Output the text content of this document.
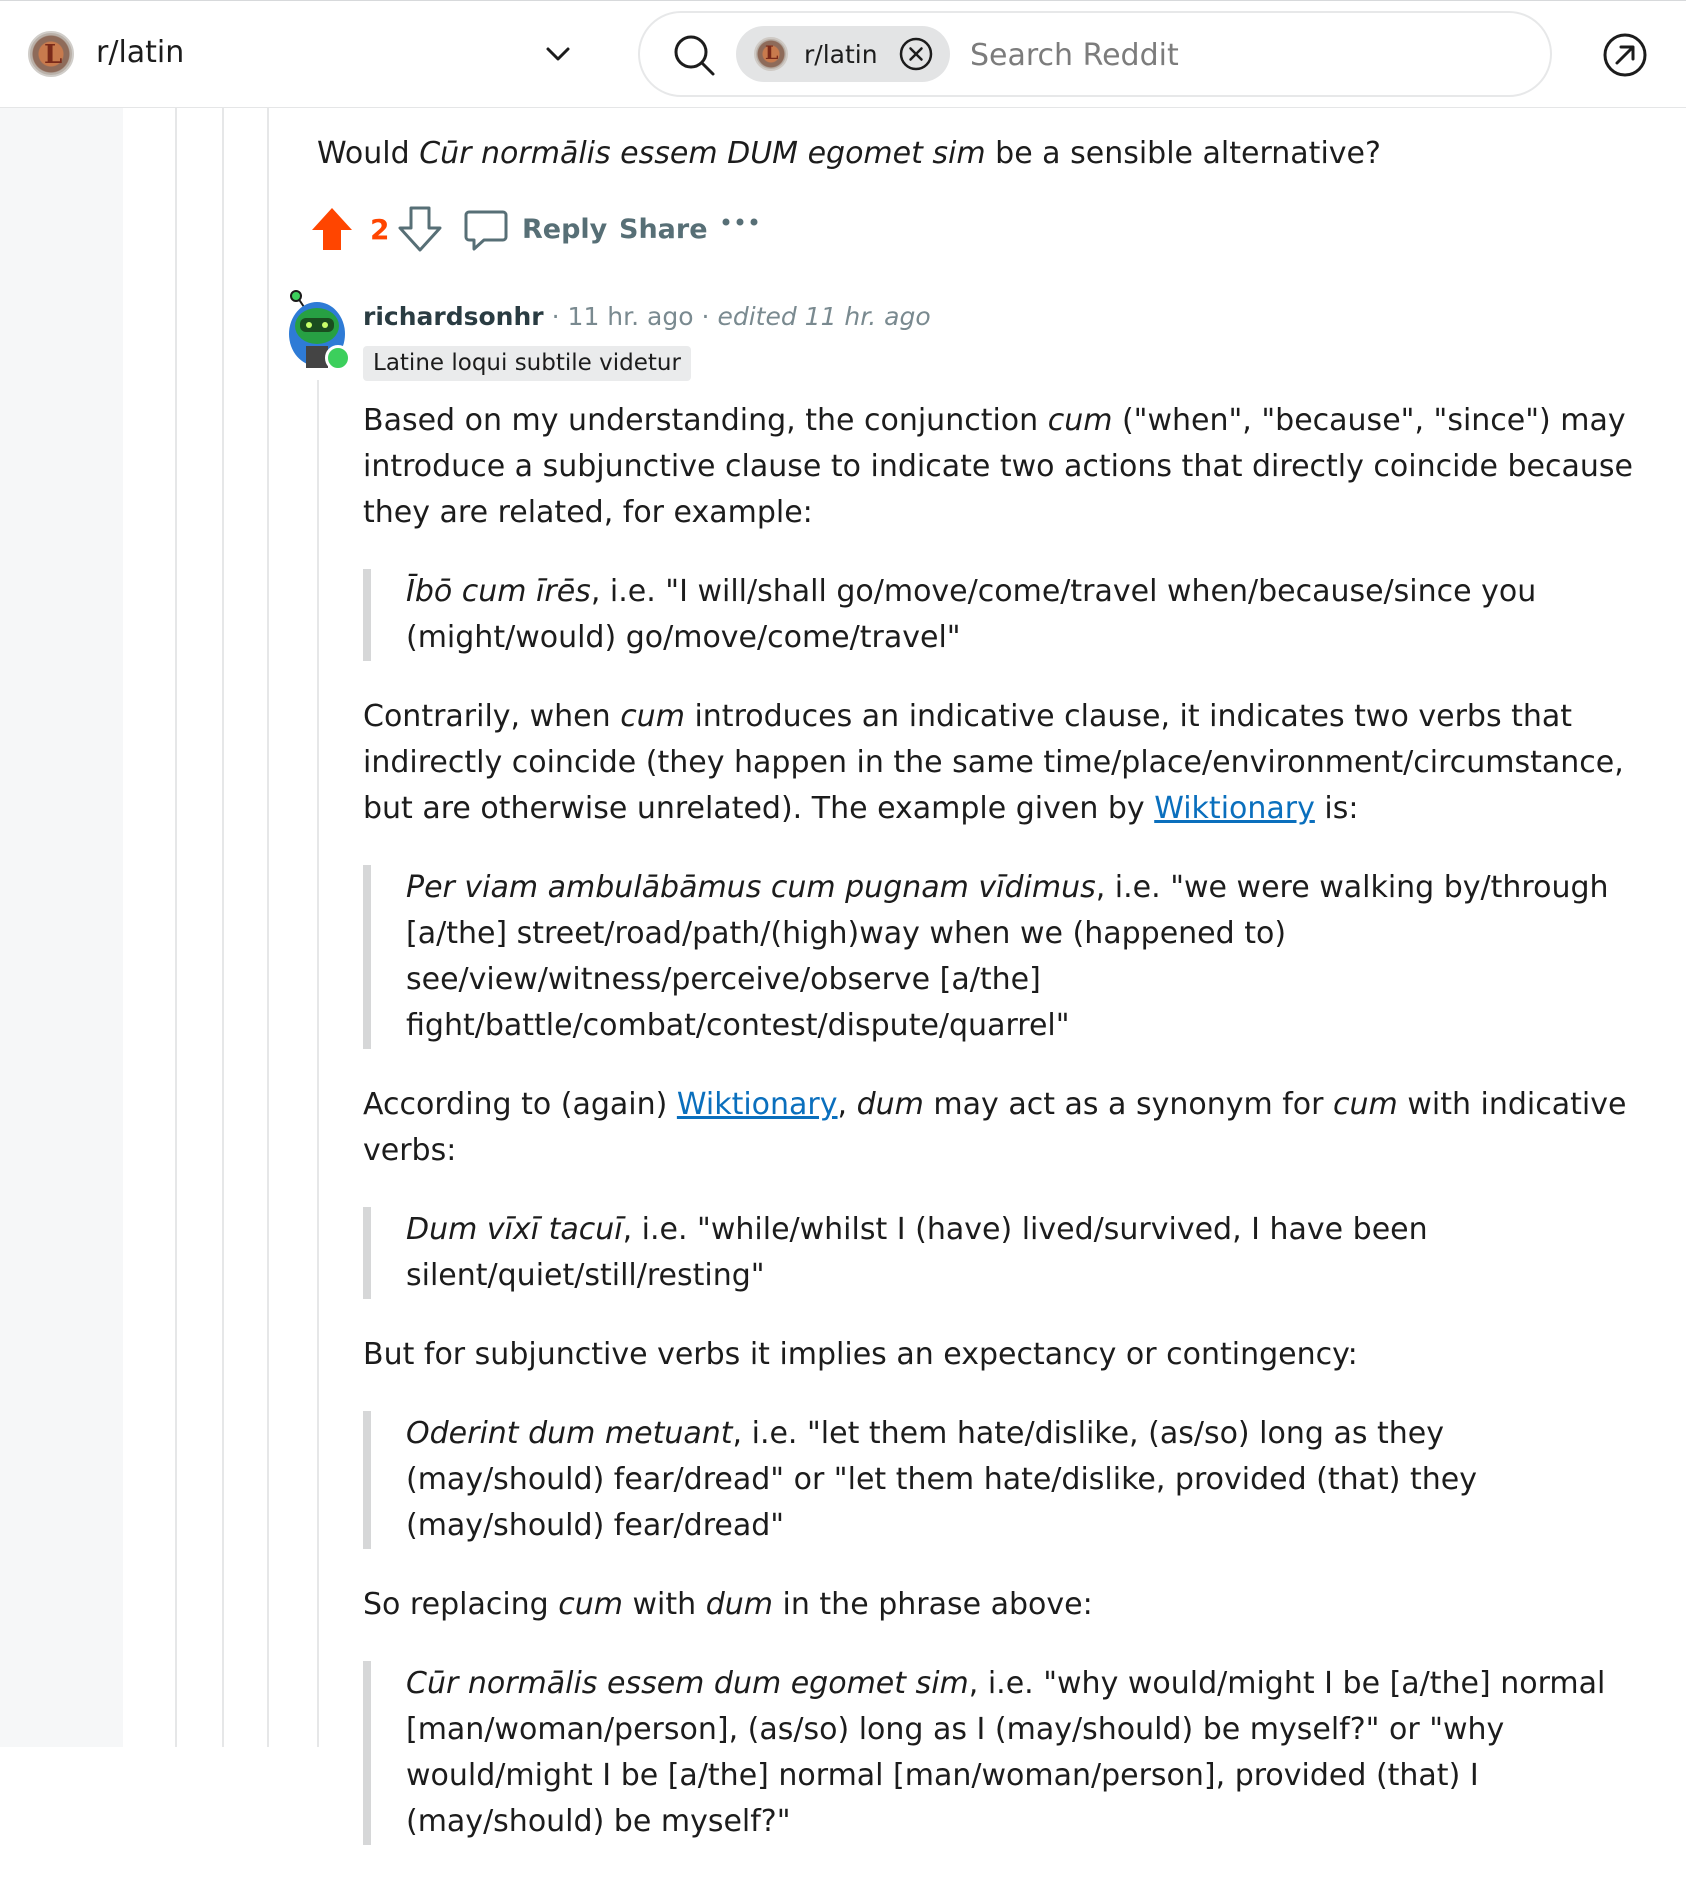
L r/latin	L r/latin
Search Reddit
Would Cūr normālis essem DUM egomet sim be a sensible alternative?
2	Reply Share
richardsonhr · 11 hr. ago · edited 11 hr. ago
Latine loqui subtile videtur

Based on my understanding, the conjunction cum ("when", "because", "since") may introduce a subjunctive clause to indicate two actions that directly coincide because they are related, for example:

Ībō cum īrēs, i.e. "I will/shall go/move/come/travel when/because/since you (might/would) go/move/come/travel"

Contrarily, when cum introduces an indicative clause, it indicates two verbs that indirectly coincide (they happen in the same time/place/environment/circumstance, but are otherwise unrelated). The example given by Wiktionary is:

Per viam ambulābāmus cum pugnam vīdimus, i.e. "we were walking by/through [a/the] street/road/path/(high)way when we (happened to) see/view/witness/perceive/observe [a/the] fight/battle/combat/contest/dispute/quarrel"

According to (again) Wiktionary, dum may act as a synonym for cum with indicative verbs:

Dum vīxī tacuī, i.e. "while/whilst I (have) lived/survived, I have been silent/quiet/still/resting"

But for subjunctive verbs it implies an expectancy or contingency:

Oderint dum metuant, i.e. "let them hate/dislike, (as/so) long as they (may/should) fear/dread" or "let them hate/dislike, provided (that) they (may/should) fear/dread"

So replacing cum with dum in the phrase above:

Cūr normālis essem dum egomet sim, i.e. "why would/might I be [a/the] normal [man/woman/person], (as/so) long as I (may/should) be myself?" or "why would/might I be [a/the] normal [man/woman/person], provided (that) I (may/should) be myself?"
